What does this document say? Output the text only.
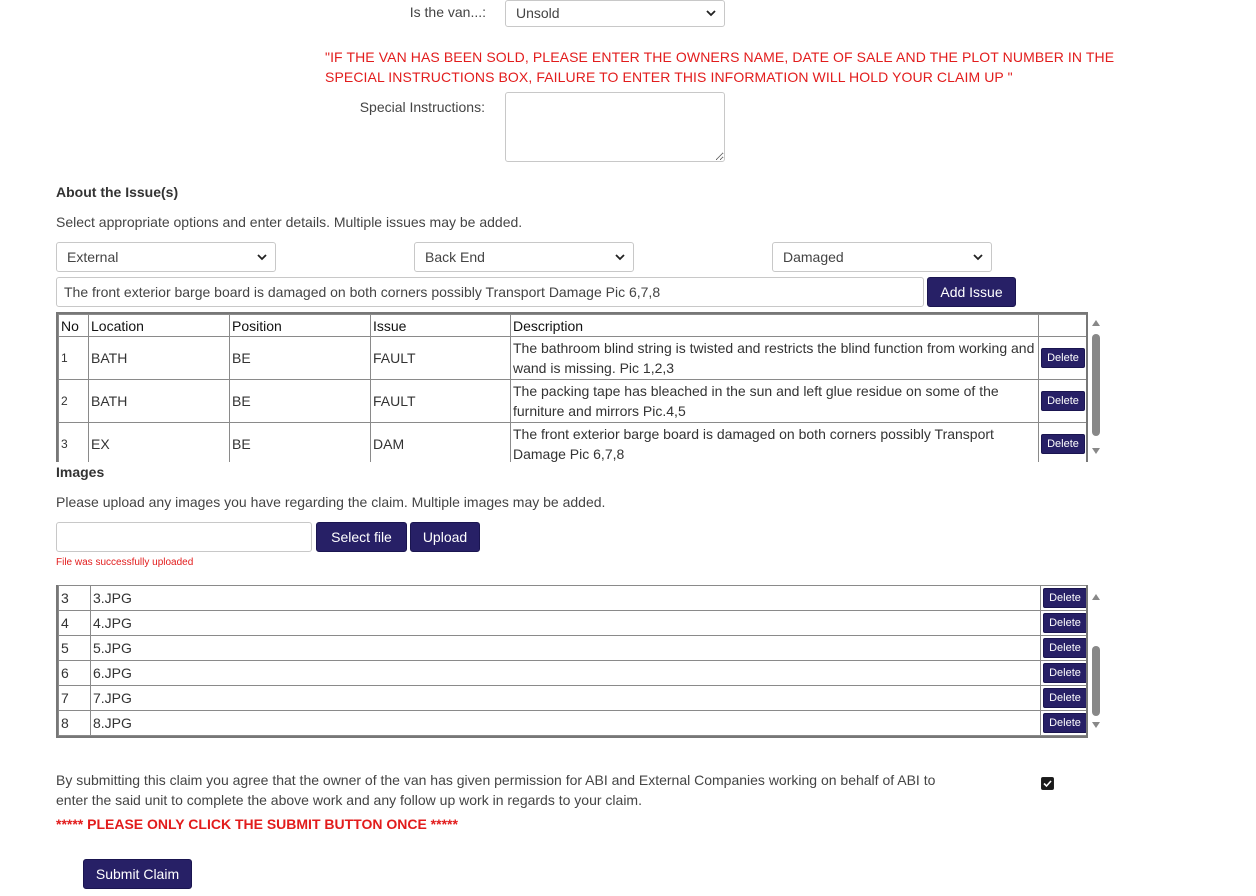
Is the van...:	Unsold
"IF THE VAN HAS BEEN SOLD, PLEASE ENTER THE OWNERS NAME, DATE OF SALE AND THE PLOT NUMBER IN THE
SPECIAL INSTRUCTIONS BOX, FAILURE TO ENTER THIS INFORMATION WILL HOLD YOUR CLAIM UP "
Special Instructions:
About the Issue(s)
Select appropriate options and enter details. Multiple issues may be added.
External	Back End	Damaged
The front exterior barge board is damaged on both corners possibly Transport Damage Pic 6,7,8	Add Issue
No	Location	Position	Issue	Description	
1	BATH	BE	FAULT	The bathroom blind string is twisted and restricts the blind function from working and wand is missing. Pic 1,2,3	Delete

2	BATH	BE	FAULT	The packing tape has bleached in the sun and left glue residue on some of the furniture and mirrors Pic.4,5	Delete

3	EX	BE	DAM	The front exterior barge board is damaged on both corners possibly Transport Damage Pic 6,7,8	Delete
Images
Please upload any images you have regarding the claim. Multiple images may be added.
Select file	Upload
File was successfully uploaded
3	3.JPG	Delete

4	4.JPG	Delete

5	5.JPG	Delete

6	6.JPG	Delete

7	7.JPG	Delete

8	8.JPG	Delete
By submitting this claim you agree that the owner of the van has given permission for ABI and External Companies working on behalf of ABI to
enter the said unit to complete the above work and any follow up work in regards to your claim.
***** PLEASE ONLY CLICK THE SUBMIT BUTTON ONCE *****
Submit Claim
